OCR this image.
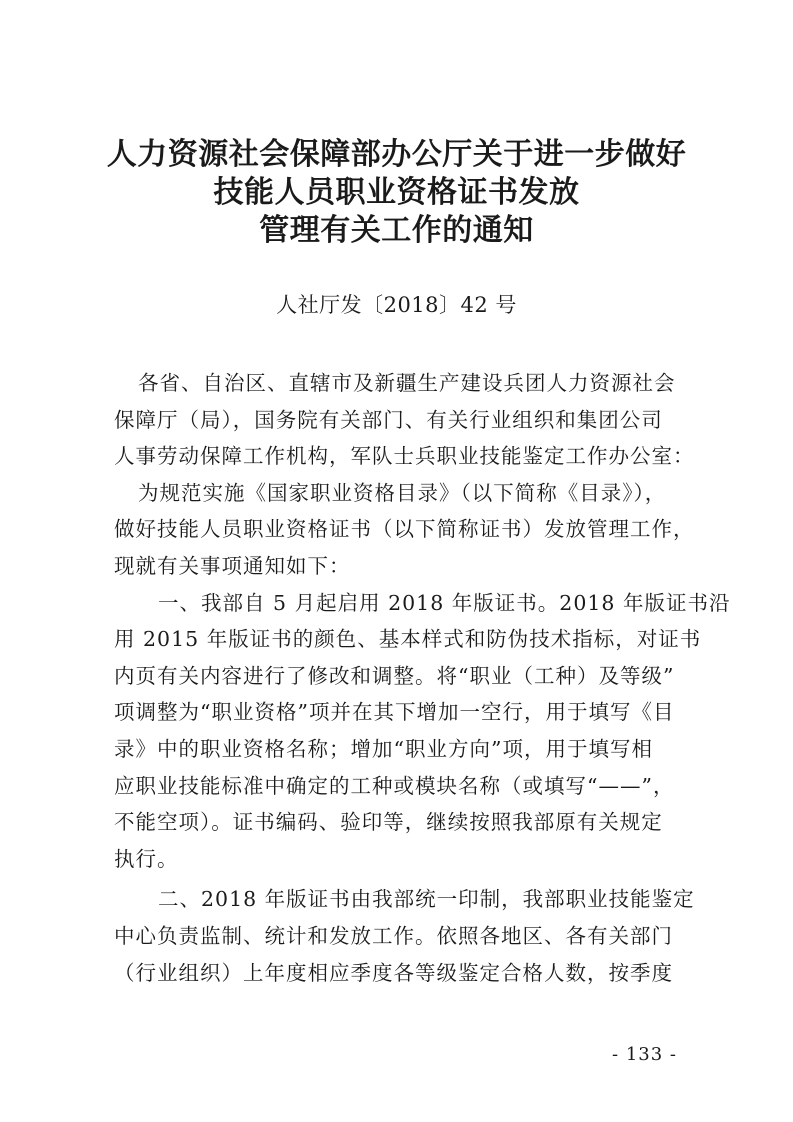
人力资源社会保障部办公厅关于进一步做好
技能人员职业资格证书发放
管理有关工作的通知
人社厅发〔2018〕42 号
各省、自治区、直辖市及新疆生产建设兵团人力资源社会
保障厅（局），国务院有关部门、有关行业组织和集团公司
人事劳动保障工作机构，军队士兵职业技能鉴定工作办公室：
为规范实施《国家职业资格目录》（以下简称《目录》），
做好技能人员职业资格证书（以下简称证书）发放管理工作，
现就有关事项通知如下：
一、我部自 5 月起启用 2018 年版证书。2018 年版证书沿
用 2015 年版证书的颜色、基本样式和防伪技术指标，对证书
内页有关内容进行了修改和调整。将“职业（工种）及等级”
项调整为“职业资格”项并在其下增加一空行，用于填写《目
录》中的职业资格名称；增加“职业方向”项，用于填写相
应职业技能标准中确定的工种或模块名称（或填写“——”，
不能空项）。证书编码、验印等，继续按照我部原有关规定
执行。
二、2018 年版证书由我部统一印制，我部职业技能鉴定
中心负责监制、统计和发放工作。依照各地区、各有关部门
（行业组织）上年度相应季度各等级鉴定合格人数，按季度
- 133 -
